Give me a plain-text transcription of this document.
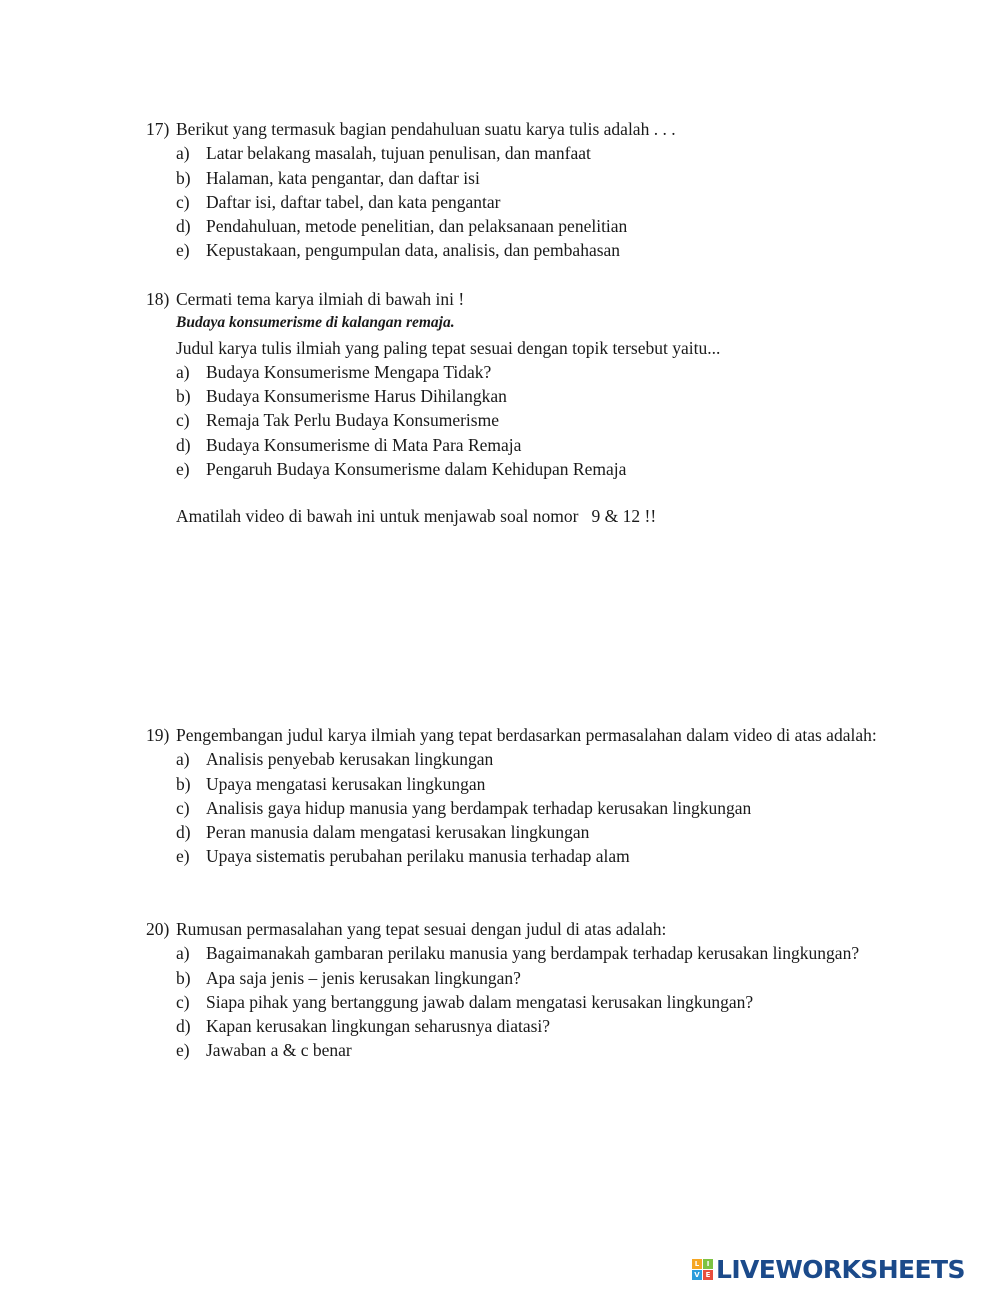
17) Berikut yang termasuk bagian pendahuluan suatu karya tulis adalah . . .
a) Latar belakang masalah, tujuan penulisan, dan manfaat
b) Halaman, kata pengantar, dan daftar isi
c) Daftar isi, daftar tabel, dan kata pengantar
d) Pendahuluan, metode penelitian, dan pelaksanaan penelitian
e) Kepustakaan, pengumpulan data, analisis, dan pembahasan
18) Cermati tema karya ilmiah di bawah ini !
Budaya konsumerisme di kalangan remaja.
Judul karya tulis ilmiah yang paling tepat sesuai dengan topik tersebut yaitu...
a) Budaya Konsumerisme Mengapa Tidak?
b) Budaya Konsumerisme Harus Dihilangkan
c) Remaja Tak Perlu Budaya Konsumerisme
d) Budaya Konsumerisme di Mata Para Remaja
e) Pengaruh Budaya Konsumerisme dalam Kehidupan Remaja
Amatilah video di bawah ini untuk menjawab soal nomor   9 & 12 !!
19) Pengembangan judul karya ilmiah yang tepat berdasarkan permasalahan dalam video di atas adalah:
a) Analisis penyebab kerusakan lingkungan
b) Upaya mengatasi kerusakan lingkungan
c) Analisis gaya hidup manusia yang berdampak terhadap kerusakan lingkungan
d) Peran manusia dalam mengatasi kerusakan lingkungan
e) Upaya sistematis perubahan perilaku manusia terhadap alam
20) Rumusan permasalahan yang tepat sesuai dengan judul di atas adalah:
a) Bagaimanakah gambaran perilaku manusia yang berdampak terhadap kerusakan lingkungan?
b) Apa saja jenis – jenis kerusakan lingkungan?
c) Siapa pihak yang bertanggung jawab dalam mengatasi kerusakan lingkungan?
d) Kapan kerusakan lingkungan seharusnya diatasi?
e) Jawaban a & c benar
L	I
V E LIVEWORKSHEETS
